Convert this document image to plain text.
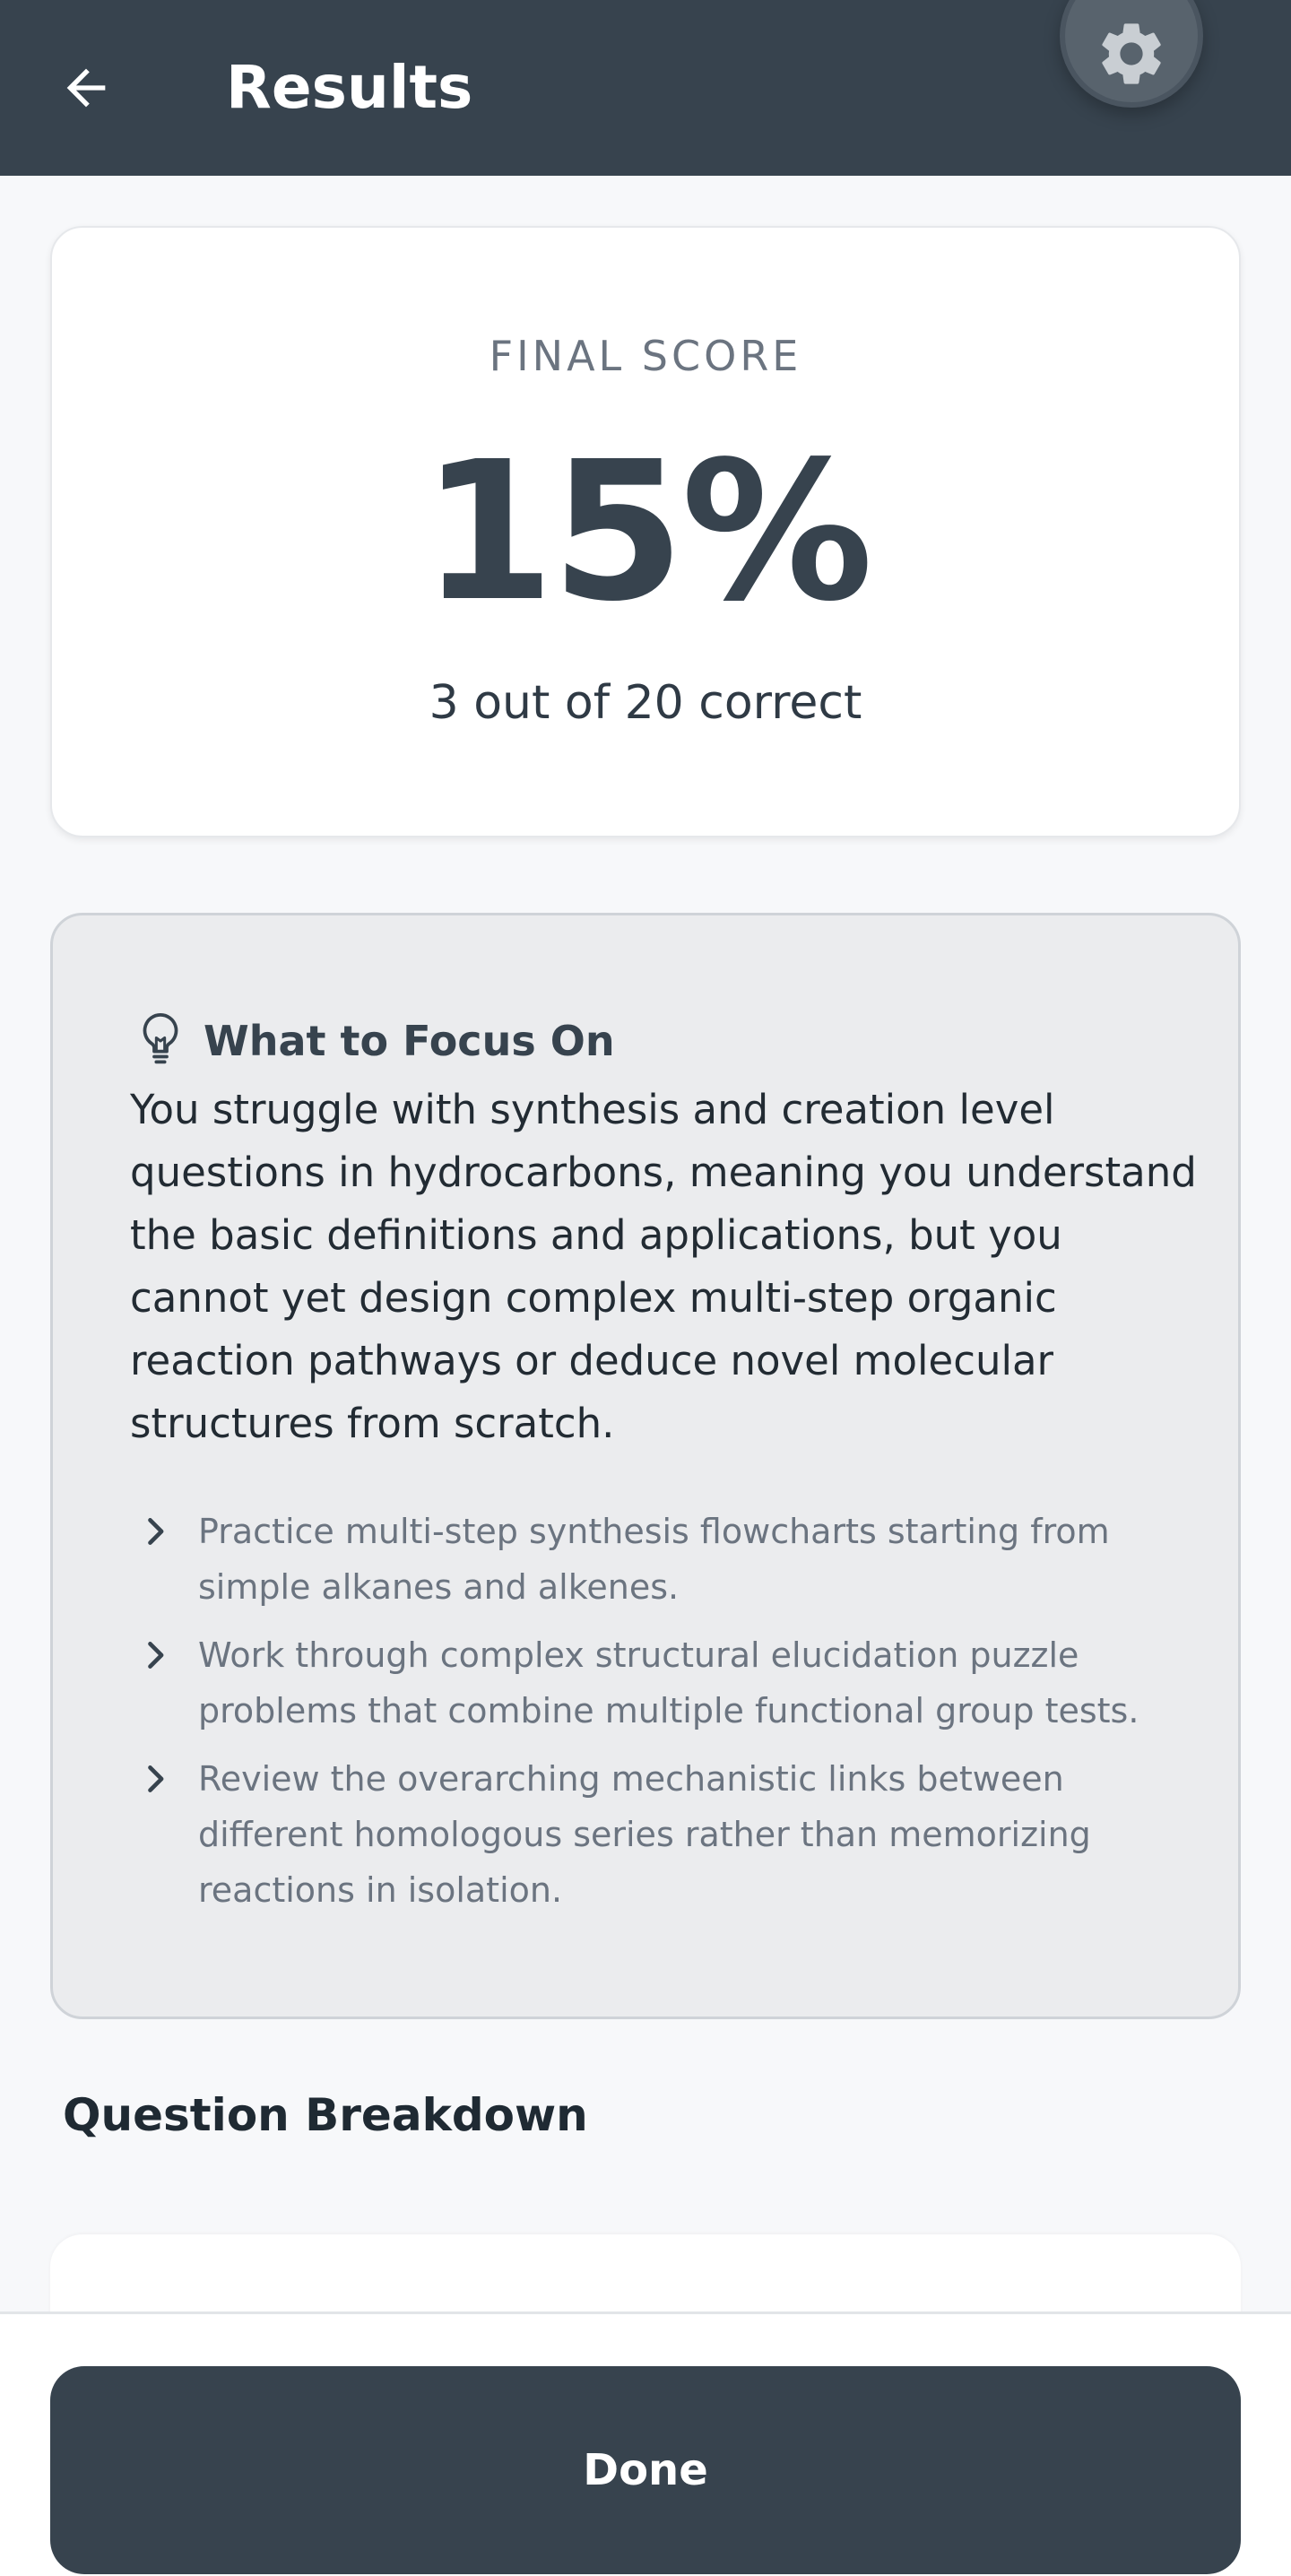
Results
FINAL SCORE
15%
3 out of 20 correct
What to Focus On

You struggle with synthesis and creation level questions in hydrocarbons, meaning you understand the basic definitions and applications, but you cannot yet design complex multi-step organic reaction pathways or deduce novel molecular structures from scratch.

Practice multi-step synthesis flowcharts starting from simple alkanes and alkenes.
Work through complex structural elucidation puzzle problems that combine multiple functional group tests.
Review the overarching mechanistic links between different homologous series rather than memorizing reactions in isolation.
Question Breakdown
Done
